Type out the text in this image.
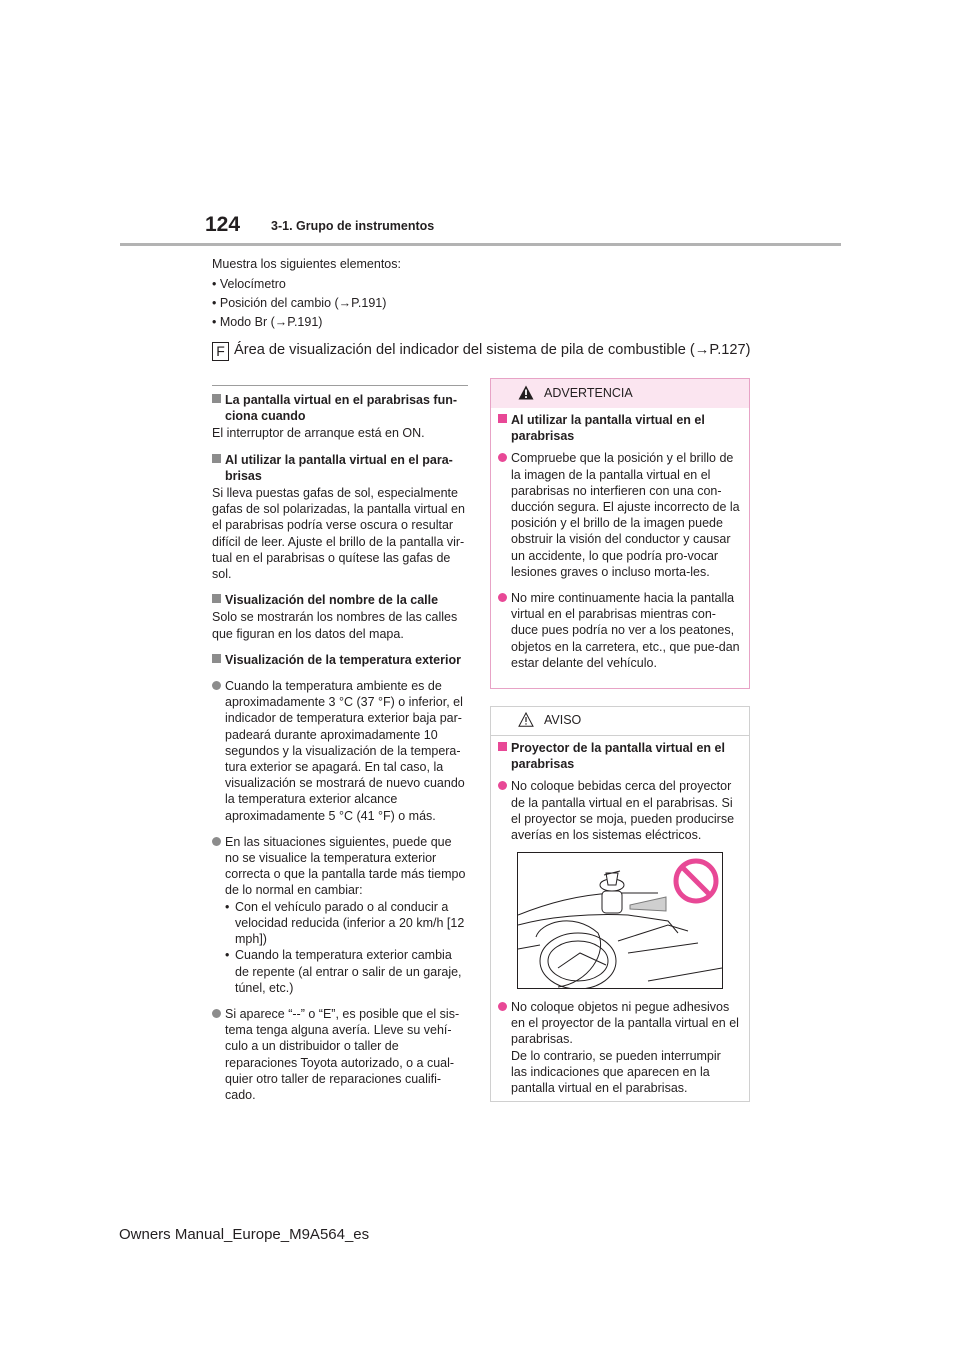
124 3-1. Grupo de instrumentos
Muestra los siguientes elementos:
• Velocímetro
• Posición del cambio (→P.191)
• Modo Br (→P.191)
F Área de visualización del indicador del sistema de pila de combustible (→P.127)
La pantalla virtual en el parabrisas fun-ciona cuando
El interruptor de arranque está en ON.
Al utilizar la pantalla virtual en el para-brisas
Si lleva puestas gafas de sol, especialmente gafas de sol polarizadas, la pantalla virtual en el parabrisas podría verse oscura o resultar difícil de leer. Ajuste el brillo de la pantalla vir-tual en el parabrisas o quítese las gafas de sol.
Visualización del nombre de la calle
Solo se mostrarán los nombres de las calles que figuran en los datos del mapa.
Visualización de la temperatura exterior
Cuando la temperatura ambiente es de aproximadamente 3 °C (37 °F) o inferior, el indicador de temperatura exterior baja par-padeará durante aproximadamente 10 segundos y la visualización de la tempera-tura exterior se apagará. En tal caso, la visualización se mostrará de nuevo cuando la temperatura exterior alcance aproximadamente 5 °C (41 °F) o más.
En las situaciones siguientes, puede que no se visualice la temperatura exterior correcta o que la pantalla tarde más tiempo de lo normal en cambiar:
• Con el vehículo parado o al conducir a velocidad reducida (inferior a 20 km/h [12 mph])
• Cuando la temperatura exterior cambia de repente (al entrar o salir de un garaje, túnel, etc.)
Si aparece “--” o “E”, es posible que el sis-tema tenga alguna avería. Lleve su vehí-culo a un distribuidor o taller de reparaciones Toyota autorizado, o a cual-quier otro taller de reparaciones cualifi-cado.
ADVERTENCIA
Al utilizar la pantalla virtual en el parabrisas
Compruebe que la posición y el brillo de la imagen de la pantalla virtual en el parabrisas no interfieren con una con-ducción segura. El ajuste incorrecto de la posición y el brillo de la imagen puede obstruir la visión del conductor y causar un accidente, lo que podría pro-vocar lesiones graves o incluso morta-les.
No mire continuamente hacia la pantalla virtual en el parabrisas mientras con-duce pues podría no ver a los peatones, objetos en la carretera, etc., que pue-dan estar delante del vehículo.
AVISO
Proyector de la pantalla virtual en el parabrisas
No coloque bebidas cerca del proyector de la pantalla virtual en el parabrisas. Si el proyector se moja, pueden producirse averías en los sistemas eléctricos.
No coloque objetos ni pegue adhesivos en el proyector de la pantalla virtual en el parabrisas.
De lo contrario, se pueden interrumpir las indicaciones que aparecen en la pantalla virtual en el parabrisas.
Owners Manual_Europe_M9A564_es
